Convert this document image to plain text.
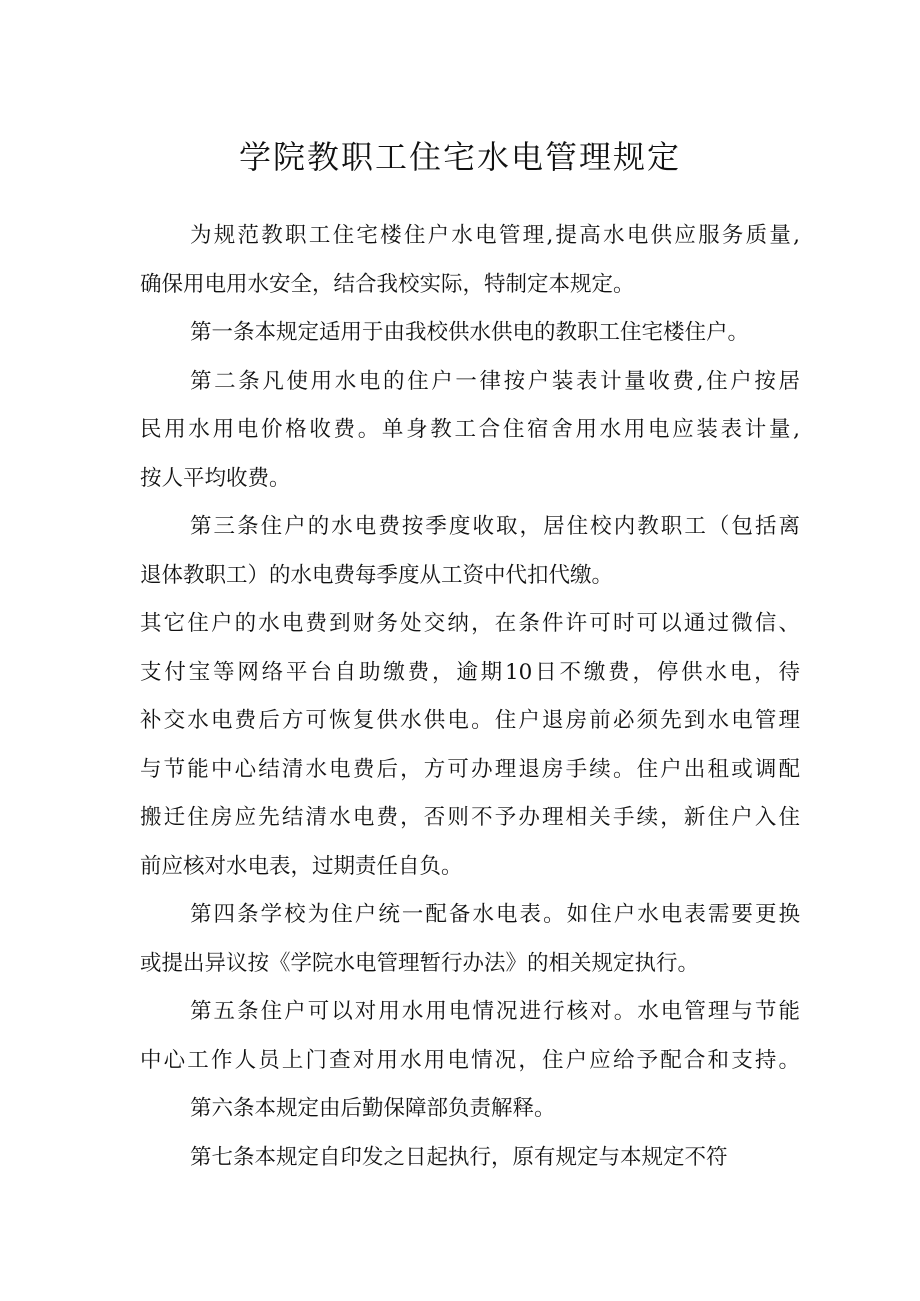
学院教职工住宅水电管理规定
为规范教职工住宅楼住户水电管理,提高水电供应服务质量,
确保用电用水安全，结合我校实际，特制定本规定。
第一条本规定适用于由我校供水供电的教职工住宅楼住户。
第二条凡使用水电的住户一律按户装表计量收费,住户按居
民用水用电价格收费。单身教工合住宿舍用水用电应装表计量,
按人平均收费。
第三条住户的水电费按季度收取，居住校内教职工（包括离
退体教职工）的水电费每季度从工资中代扣代缴。
其它住户的水电费到财务处交纳，在条件许可时可以通过微信、
支付宝等网络平台自助缴费，逾期10日不缴费，停供水电，待
补交水电费后方可恢复供水供电。住户退房前必须先到水电管理
与节能中心结清水电费后，方可办理退房手续。住户出租或调配
搬迁住房应先结清水电费，否则不予办理相关手续，新住户入住
前应核对水电表，过期责任自负。
第四条学校为住户统一配备水电表。如住户水电表需要更换
或提出异议按《学院水电管理暂行办法》的相关规定执行。
第五条住户可以对用水用电情况进行核对。水电管理与节能
中心工作人员上门查对用水用电情况，住户应给予配合和支持。
第六条本规定由后勤保障部负责解释。
第七条本规定自印发之日起执行，原有规定与本规定不符
